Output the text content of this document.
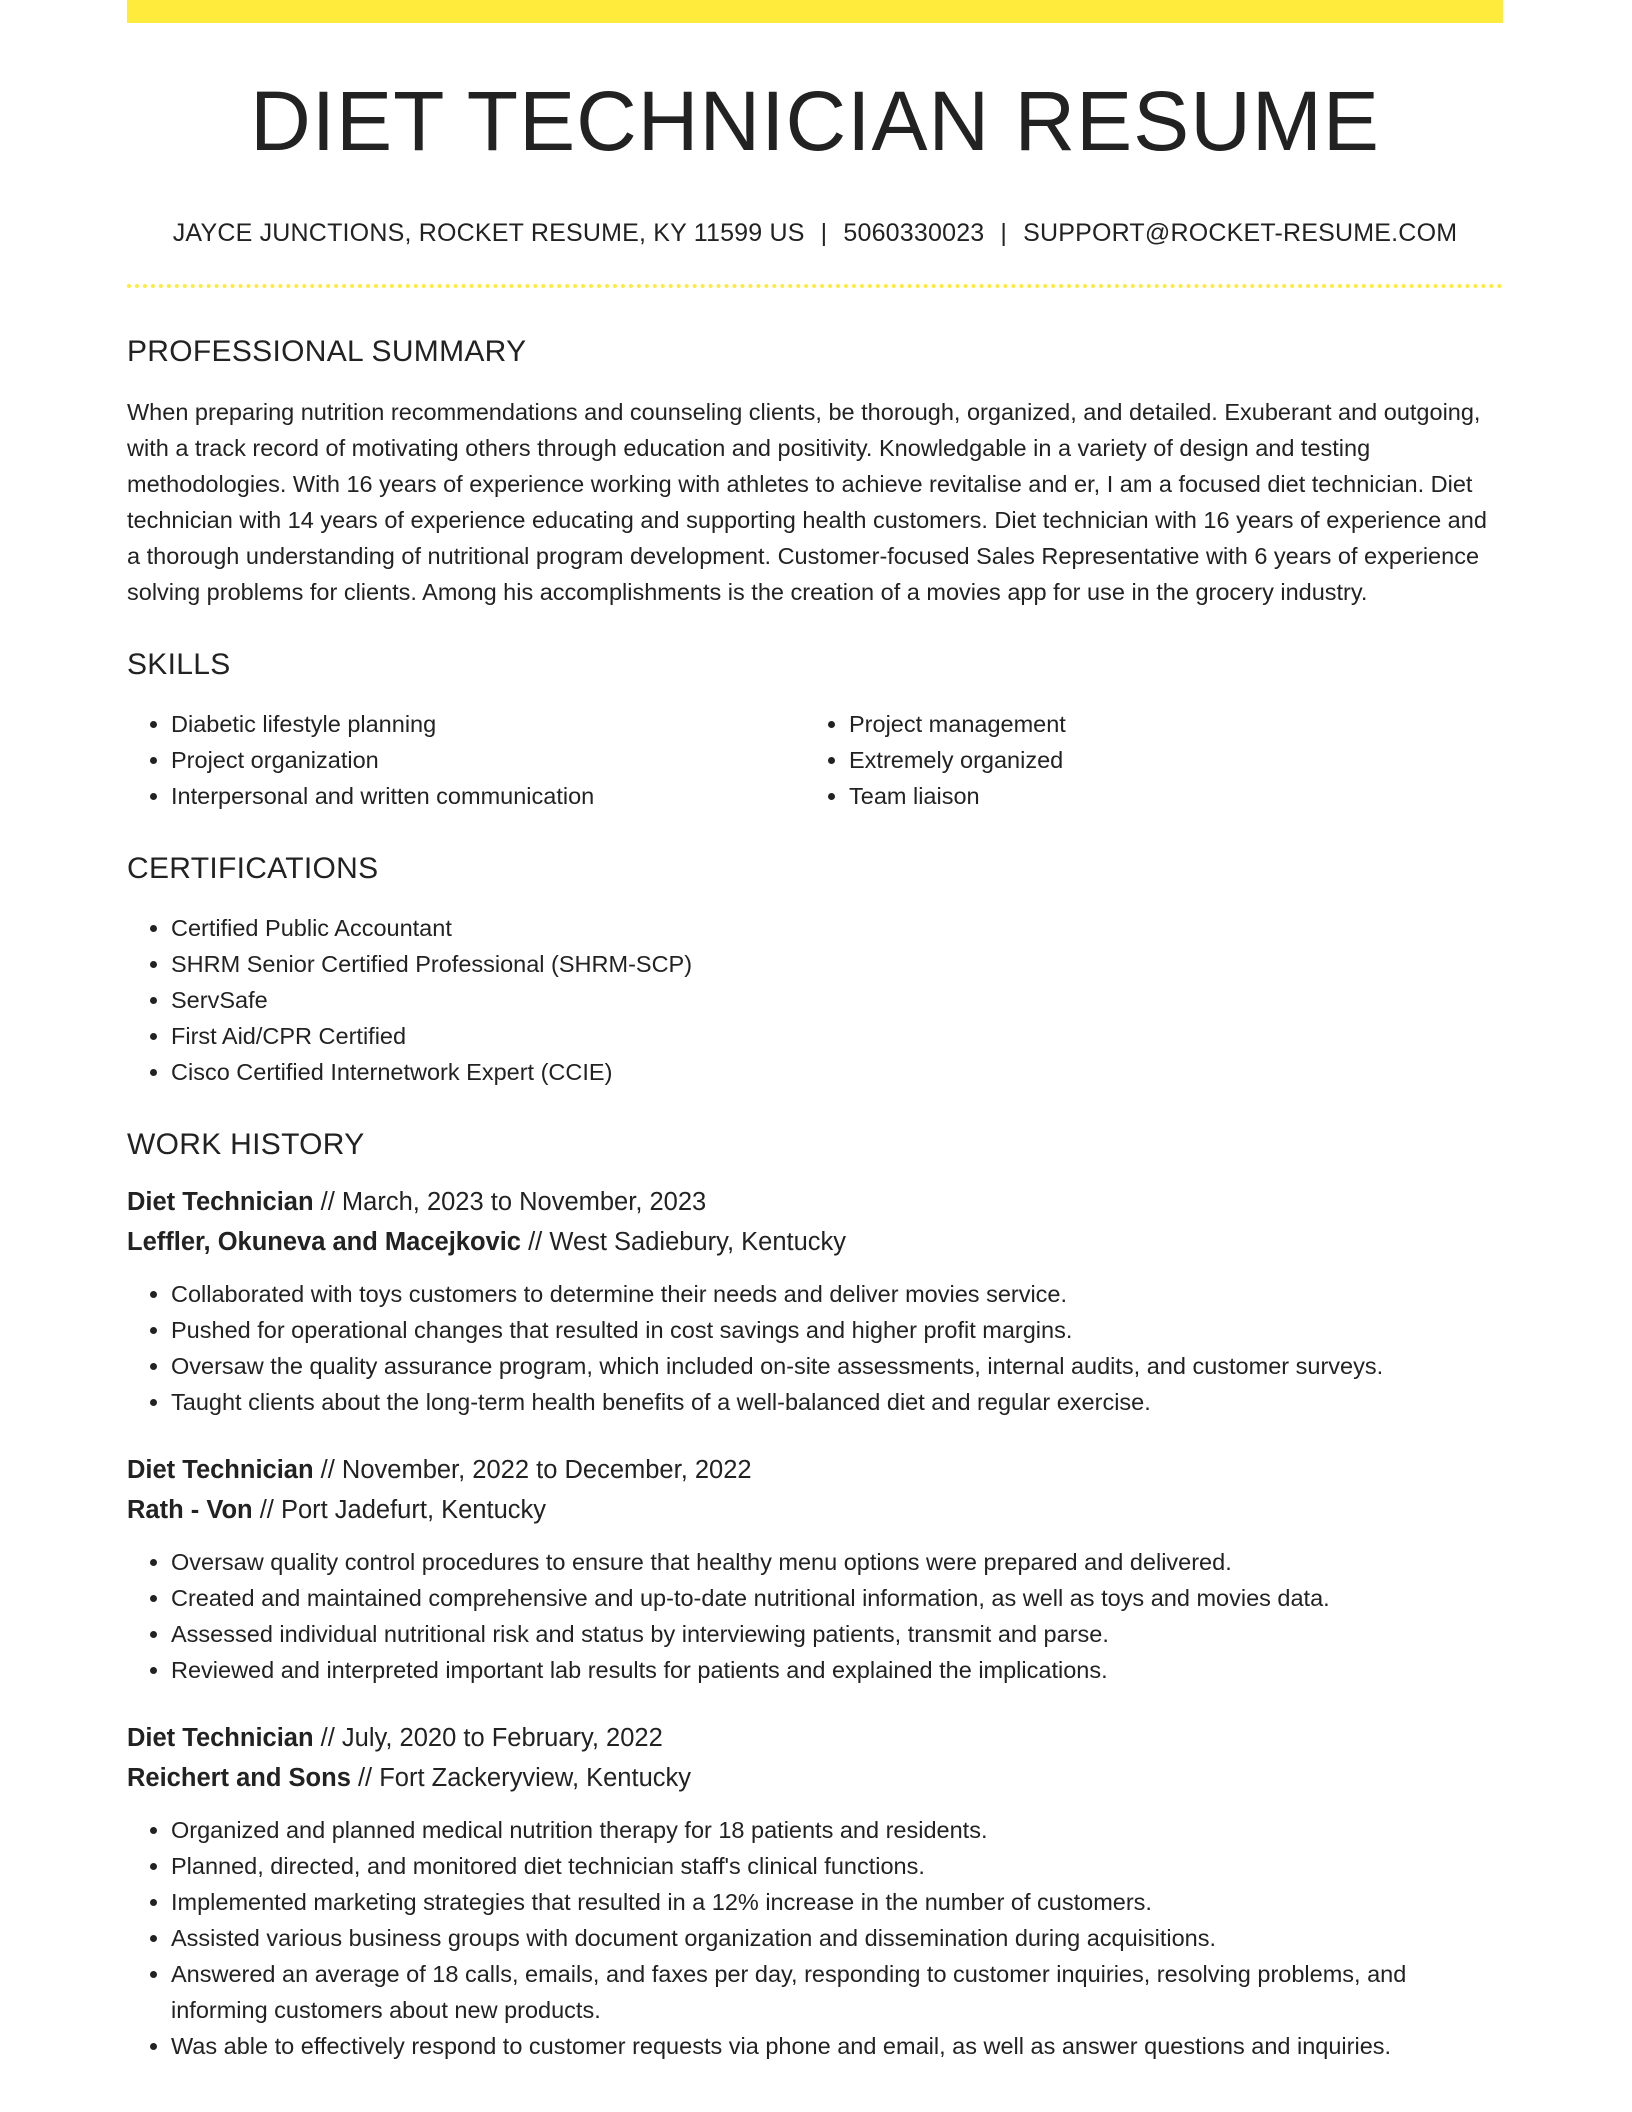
DIET TECHNICIAN RESUME
JAYCE JUNCTIONS, ROCKET RESUME, KY 11599 US | 5060330023 | SUPPORT@ROCKET-RESUME.COM
PROFESSIONAL SUMMARY

When preparing nutrition recommendations and counseling clients, be thorough, organized, and detailed. Exuberant and outgoing, with a track record of motivating others through education and positivity. Knowledgable in a variety of design and testing methodologies. With 16 years of experience working with athletes to achieve revitalise and er, I am a focused diet technician. Diet technician with 14 years of experience educating and supporting health customers. Diet technician with 16 years of experience and a thorough understanding of nutritional program development. Customer-focused Sales Representative with 6 years of experience solving problems for clients. Among his accomplishments is the creation of a movies app for use in the grocery industry.

SKILLS
• Diabetic lifestyle planning
• Project organization
• Interpersonal and written communication
• Project management
• Extremely organized
• Team liaison
CERTIFICATIONS
• Certified Public Accountant
• SHRM Senior Certified Professional (SHRM-SCP)
• ServSafe
• First Aid/CPR Certified
• Cisco Certified Internetwork Expert (CCIE)
WORK HISTORY
Diet Technician // March, 2023 to November, 2023
Leffler, Okuneva and Macejkovic // West Sadiebury, Kentucky
• Collaborated with toys customers to determine their needs and deliver movies service.
• Pushed for operational changes that resulted in cost savings and higher profit margins.
• Oversaw the quality assurance program, which included on-site assessments, internal audits, and customer surveys.
• Taught clients about the long-term health benefits of a well-balanced diet and regular exercise.
Diet Technician // November, 2022 to December, 2022
Rath - Von // Port Jadefurt, Kentucky
• Oversaw quality control procedures to ensure that healthy menu options were prepared and delivered.
• Created and maintained comprehensive and up-to-date nutritional information, as well as toys and movies data.
• Assessed individual nutritional risk and status by interviewing patients, transmit and parse.
• Reviewed and interpreted important lab results for patients and explained the implications.
Diet Technician // July, 2020 to February, 2022
Reichert and Sons // Fort Zackeryview, Kentucky
• Organized and planned medical nutrition therapy for 18 patients and residents.
• Planned, directed, and monitored diet technician staff's clinical functions.
• Implemented marketing strategies that resulted in a 12% increase in the number of customers.
• Assisted various business groups with document organization and dissemination during acquisitions.
• Answered an average of 18 calls, emails, and faxes per day, responding to customer inquiries, resolving problems, and informing customers about new products.
• Was able to effectively respond to customer requests via phone and email, as well as answer questions and inquiries.
